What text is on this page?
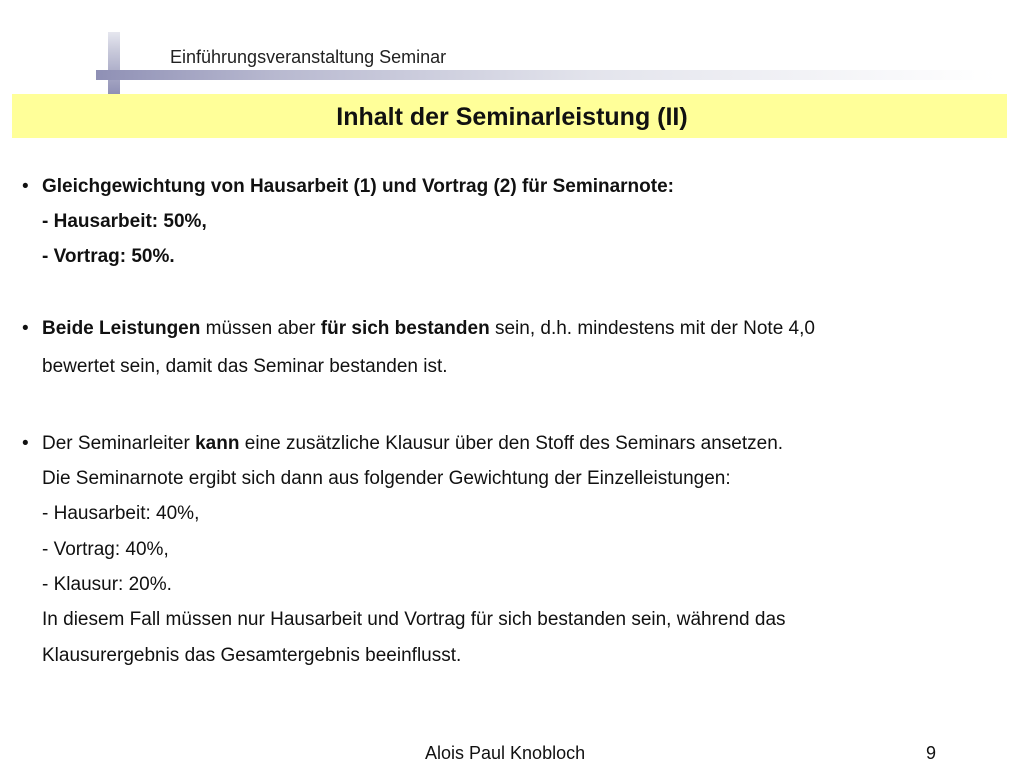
Einführungsveranstaltung Seminar
Inhalt der Seminarleistung (II)
• Gleichgewichtung von Hausarbeit (1) und Vortrag (2) für Seminarnote:
- Hausarbeit: 50%,
- Vortrag: 50%.
• Beide Leistungen müssen aber für sich bestanden sein, d.h. mindestens mit der Note 4,0
bewertet sein, damit das Seminar bestanden ist.
• Der Seminarleiter kann eine zusätzliche Klausur über den Stoff des Seminars ansetzen.
Die Seminarnote ergibt sich dann aus folgender Gewichtung der Einzelleistungen:
- Hausarbeit: 40%,
- Vortrag: 40%,
- Klausur: 20%.
In diesem Fall müssen nur Hausarbeit und Vortrag für sich bestanden sein, während das
Klausurergebnis das Gesamtergebnis beeinflusst.
Alois Paul Knobloch	9
